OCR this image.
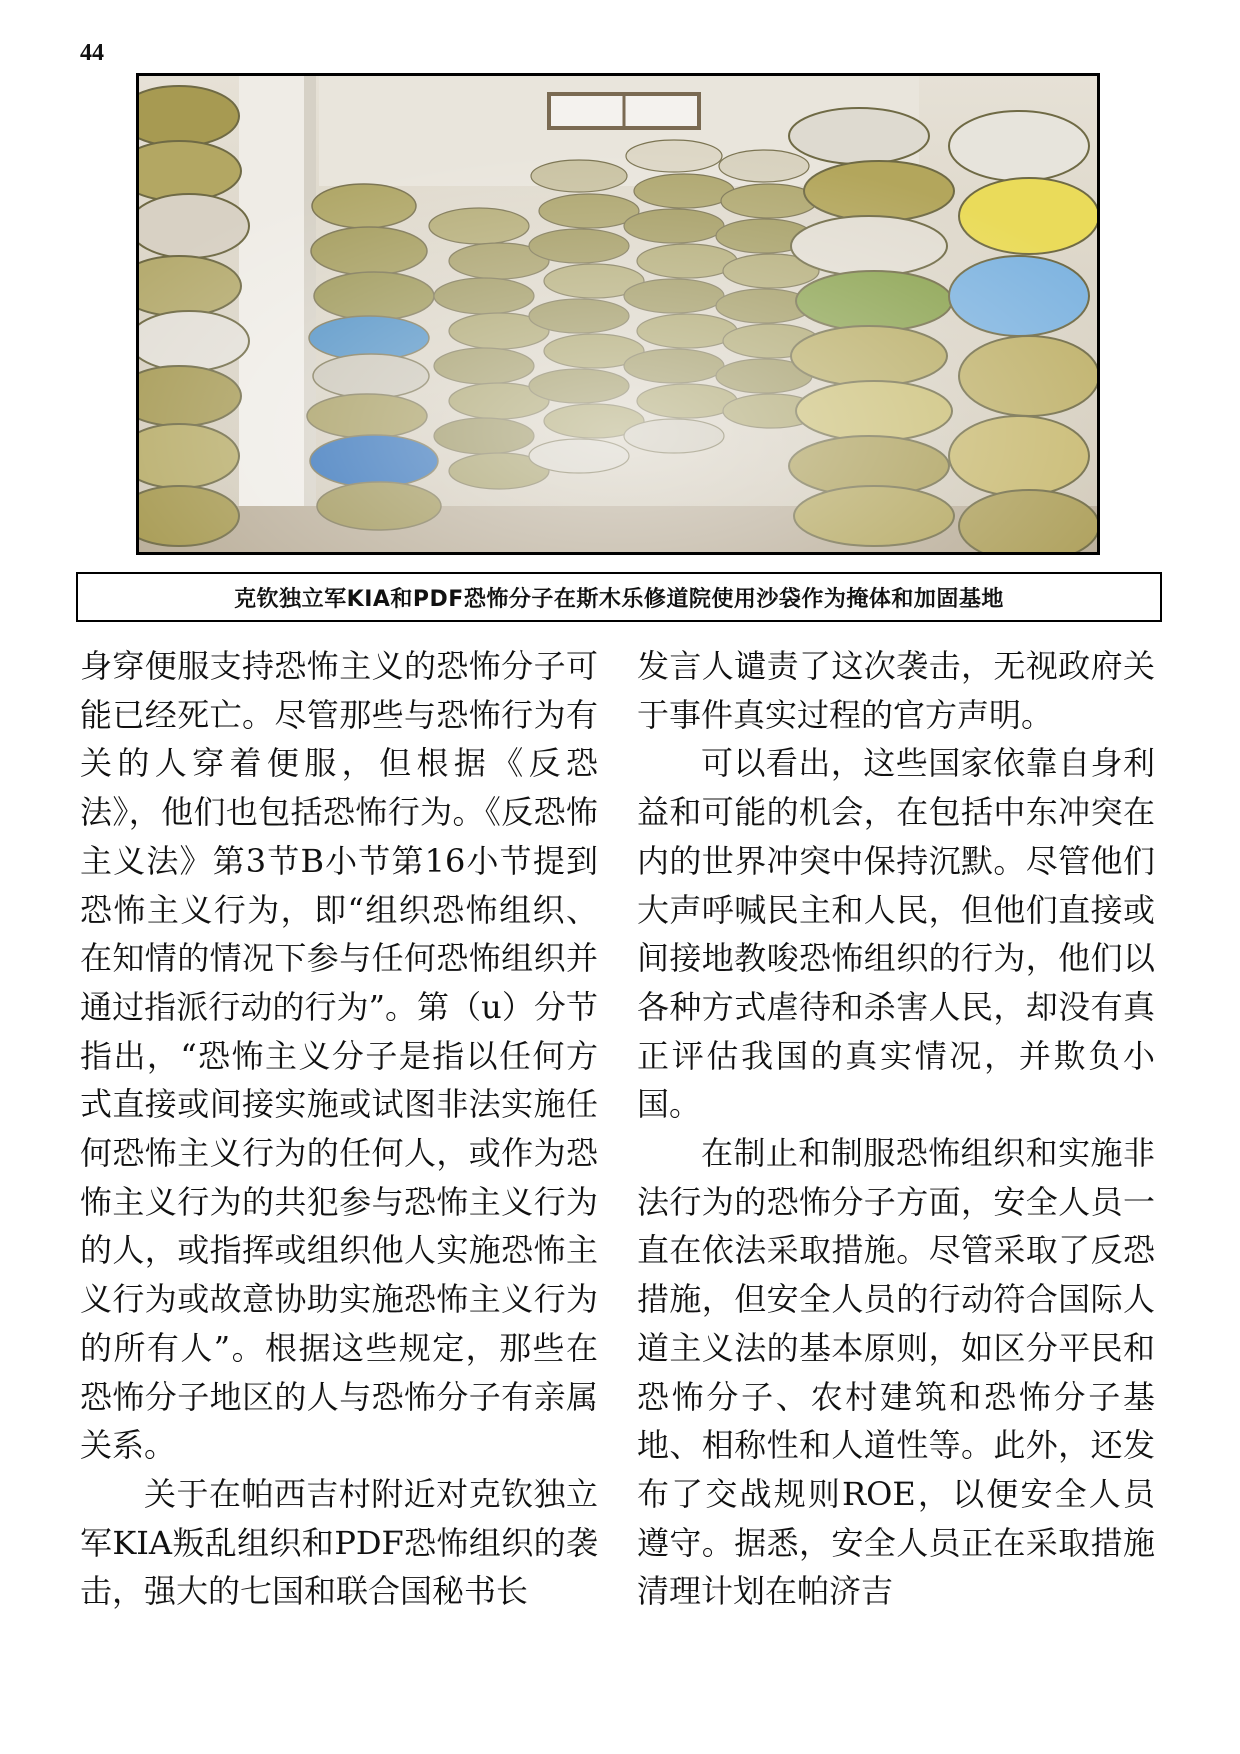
44
克钦独立军KIA和PDF恐怖分子在斯木乐修道院使用沙袋作为掩体和加固基地

身穿便服支持恐怖主义的恐怖分子可能已经死亡。尽管那些与恐怖行为有关的人穿着便服，但根据《反恐法》，他们也包括恐怖行为。《反恐怖主义法》第3节B小节第16小节提到恐怖主义行为，即“组织恐怖组织、在知情的情况下参与任何恐怖组织并通过指派行动的行为”。第（u）分节指出，“恐怖主义分子是指以任何方式直接或间接实施或试图非法实施任何恐怖主义行为的任何人，或作为恐怖主义行为的共犯参与恐怖主义行为的人，或指挥或组织他人实施恐怖主义行为或故意协助实施恐怖主义行为的所有人”。根据这些规定，那些在恐怖分子地区的人与恐怖分子有亲属关系。

关于在帕西吉村附近对克钦独立军KIA叛乱组织和PDF恐怖组织的袭击，强大的七国和联合国秘书长

发言人谴责了这次袭击，无视政府关于事件真实过程的官方声明。

可以看出，这些国家依靠自身利益和可能的机会，在包括中东冲突在内的世界冲突中保持沉默。尽管他们大声呼喊民主和人民，但他们直接或间接地教唆恐怖组织的行为，他们以各种方式虐待和杀害人民，却没有真正评估我国的真实情况，并欺负小国。

在制止和制服恐怖组织和实施非法行为的恐怖分子方面，安全人员一直在依法采取措施。尽管采取了反恐措施，但安全人员的行动符合国际人道主义法的基本原则，如区分平民和恐怖分子、农村建筑和恐怖分子基地、相称性和人道性等。此外，还发布了交战规则ROE，以便安全人员遵守。据悉，安全人员正在采取措施清理计划在帕济吉
